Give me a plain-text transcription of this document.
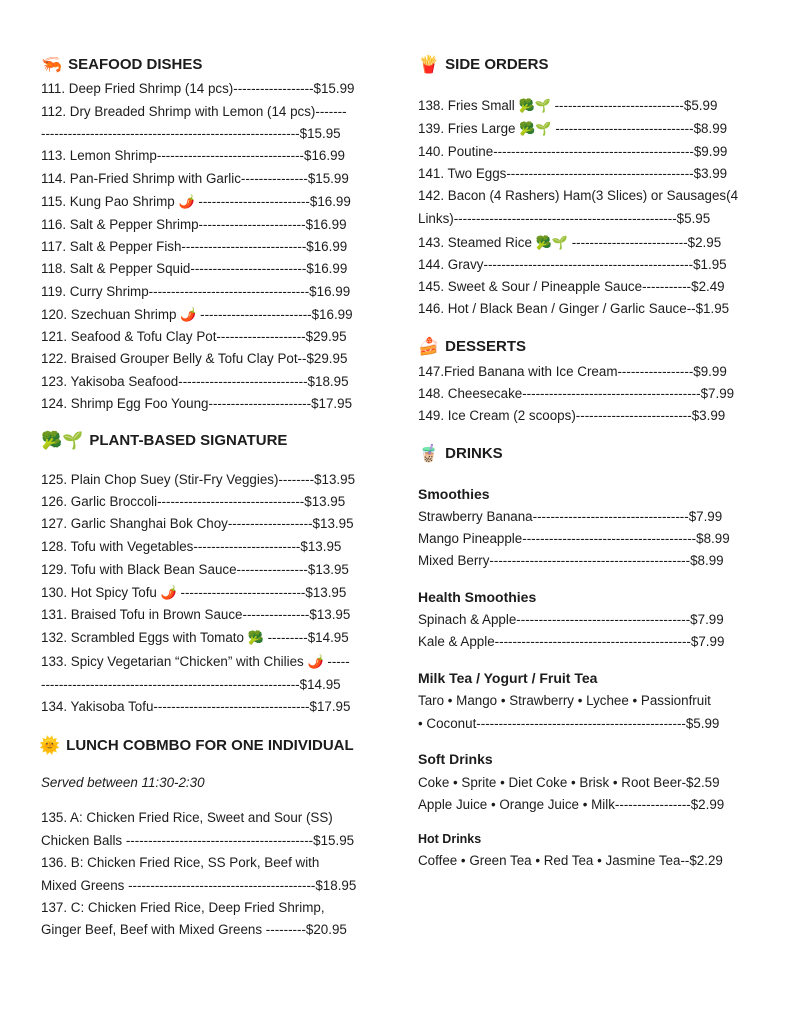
🦐 SEAFOOD DISHES
111. Deep Fried Shrimp (14 pcs)------------------$15.99
112. Dry Breaded Shrimp with Lemon (14 pcs)-------
----------------------------------------------------------$15.95
113. Lemon Shrimp---------------------------------$16.99
114. Pan-Fried Shrimp with Garlic---------------$15.99
115. Kung Pao Shrimp 🌶️ -------------------------$16.99
116. Salt & Pepper Shrimp------------------------$16.99
117. Salt & Pepper Fish----------------------------$16.99
118. Salt & Pepper Squid--------------------------$16.99
119. Curry Shrimp------------------------------------$16.99
120. Szechuan Shrimp 🌶️ -------------------------$16.99
121. Seafood & Tofu Clay Pot--------------------$29.95
122. Braised Grouper Belly & Tofu Clay Pot--$29.95
123. Yakisoba Seafood-----------------------------$18.95
124. Shrimp Egg Foo Young-----------------------$17.95
🥦🌱 PLANT-BASED SIGNATURE
125. Plain Chop Suey (Stir-Fry Veggies)--------$13.95
126. Garlic Broccoli---------------------------------$13.95
127. Garlic Shanghai Bok Choy-------------------$13.95
128. Tofu with Vegetables------------------------$13.95
129. Tofu with Black Bean Sauce----------------$13.95
130. Hot Spicy Tofu 🌶️ ----------------------------$13.95
131. Braised Tofu in Brown Sauce---------------$13.95
132. Scrambled Eggs with Tomato 🥦 ---------$14.95
133. Spicy Vegetarian “Chicken” with Chilies 🌶️ -----
----------------------------------------------------------$14.95
134. Yakisoba Tofu-----------------------------------$17.95
🌞 LUNCH COBMBO FOR ONE INDIVIDUAL
Served between 11:30-2:30
135. A: Chicken Fried Rice, Sweet and Sour (SS)
Chicken Balls ------------------------------------------$15.95
136. B: Chicken Fried Rice, SS Pork, Beef with
Mixed Greens ------------------------------------------$18.95
137. C: Chicken Fried Rice, Deep Fried Shrimp,
Ginger Beef, Beef with Mixed Greens ---------$20.95
🍟 SIDE ORDERS
138. Fries Small 🥦🌱 -----------------------------$5.99
139. Fries Large 🥦🌱 -------------------------------$8.99
140. Poutine---------------------------------------------$9.99
141. Two Eggs------------------------------------------$3.99
142. Bacon (4 Rashers) Ham(3 Slices) or Sausages(4
Links)--------------------------------------------------$5.95
143. Steamed Rice 🥦🌱 --------------------------$2.95
144. Gravy-----------------------------------------------$1.95
145. Sweet & Sour / Pineapple Sauce-----------$2.49
146. Hot / Black Bean / Ginger / Garlic Sauce--$1.95
🍰 DESSERTS
147.Fried Banana with Ice Cream-----------------$9.99
148. Cheesecake----------------------------------------$7.99
149. Ice Cream (2 scoops)--------------------------$3.99
🧋 DRINKS
Smoothies
Strawberry Banana-----------------------------------$7.99
Mango Pineapple---------------------------------------$8.99
Mixed Berry---------------------------------------------$8.99
Health Smoothies
Spinach & Apple---------------------------------------$7.99
Kale & Apple--------------------------------------------$7.99
Milk Tea / Yogurt / Fruit Tea
Taro • Mango • Strawberry • Lychee • Passionfruit
• Coconut-----------------------------------------------$5.99
Soft Drinks
Coke • Sprite • Diet Coke • Brisk • Root Beer-$2.59
Apple Juice • Orange Juice • Milk-----------------$2.99
Hot Drinks
Coffee • Green Tea • Red Tea • Jasmine Tea--$2.29
